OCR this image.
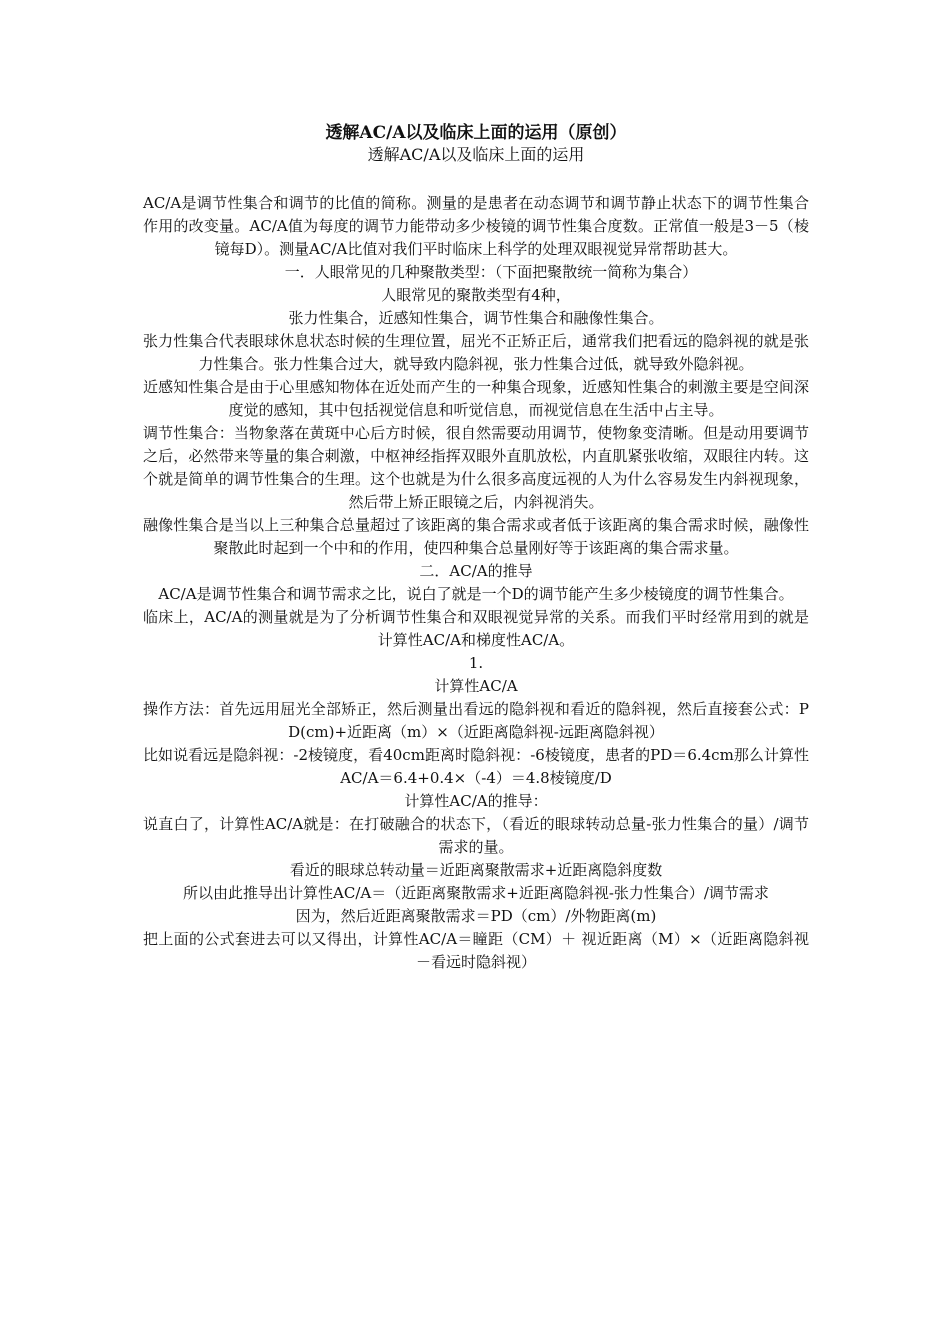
透解AC/A以及临床上面的运用（原创）
透解AC/A以及临床上面的运用

AC/A是调节性集合和调节的比值的简称。测量的是患者在动态调节和调节静止状态下的调节性集合作用的改变量。AC/A值为每度的调节力能带动多少棱镜的调节性集合度数。正常值一般是3－5（棱镜每D）。测量AC/A比值对我们平时临床上科学的处理双眼视觉异常帮助甚大。

一．人眼常见的几种聚散类型：（下面把聚散统一简称为集合）

人眼常见的聚散类型有4种，

张力性集合，近感知性集合，调节性集合和融像性集合。

张力性集合代表眼球休息状态时候的生理位置，屈光不正矫正后，通常我们把看远的隐斜视的就是张力性集合。张力性集合过大，就导致内隐斜视，张力性集合过低，就导致外隐斜视。

近感知性集合是由于心里感知物体在近处而产生的一种集合现象，近感知性集合的刺激主要是空间深度觉的感知，其中包括视觉信息和听觉信息，而视觉信息在生活中占主导。

调节性集合：当物象落在黄斑中心后方时候，很自然需要动用调节，使物象变清晰。但是动用要调节之后，必然带来等量的集合刺激，中枢神经指挥双眼外直肌放松，内直肌紧张收缩，双眼往内转。这个就是简单的调节性集合的生理。这个也就是为什么很多高度远视的人为什么容易发生内斜视现象，然后带上矫正眼镜之后，内斜视消失。

融像性集合是当以上三种集合总量超过了该距离的集合需求或者低于该距离的集合需求时候，融像性聚散此时起到一个中和的作用，使四种集合总量刚好等于该距离的集合需求量。

二．AC/A的推导

AC/A是调节性集合和调节需求之比，说白了就是一个D的调节能产生多少棱镜度的调节性集合。

临床上，AC/A的测量就是为了分析调节性集合和双眼视觉异常的关系。而我们平时经常用到的就是计算性AC/A和梯度性AC/A。

1.

计算性AC/A

操作方法：首先远用屈光全部矫正，然后测量出看远的隐斜视和看近的隐斜视，然后直接套公式：PD(cm)+近距离（m）×（近距离隐斜视-远距离隐斜视）

比如说看远是隐斜视：-2棱镜度，看40cm距离时隐斜视：-6棱镜度，患者的PD＝6.4cm那么计算性AC/A＝6.4+0.4×（-4）＝4.8棱镜度/D

计算性AC/A的推导：

说直白了，计算性AC/A就是：在打破融合的状态下，（看近的眼球转动总量-张力性集合的量）/调节需求的量。

看近的眼球总转动量＝近距离聚散需求+近距离隐斜度数

所以由此推导出计算性AC/A＝（近距离聚散需求+近距离隐斜视-张力性集合）/调节需求

因为，然后近距离聚散需求＝PD（cm）/外物距离(m)

把上面的公式套进去可以又得出，计算性AC/A＝瞳距（CM）＋ 视近距离（M）×（近距离隐斜视－看远时隐斜视）
